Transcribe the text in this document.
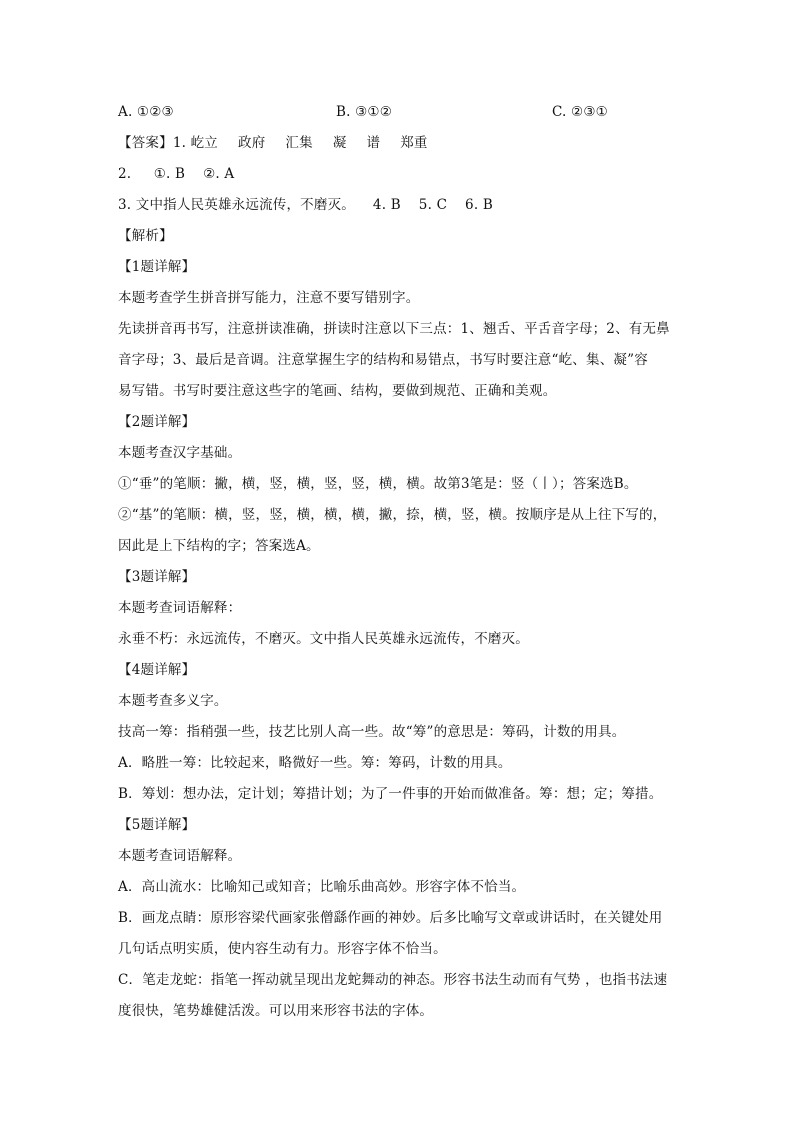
A. ①②③	B. ③①②	C. ②③①
【答案】1. 屹立 政府 汇集 凝 谱 郑重
2.     ①. B    ②. A
3. 文中指人民英雄永远流传，不磨灭。    4. B    5. C    6. B
【解析】
【1题详解】
本题考查学生拼音拼写能力，注意不要写错别字。
先读拼音再书写，注意拼读准确，拼读时注意以下三点：1、翘舌、平舌音字母；2、有无鼻
音字母；3、最后是音调。注意掌握生字的结构和易错点，书写时要注意“屹、集、凝”容
易写错。书写时要注意这些字的笔画、结构，要做到规范、正确和美观。
【2题详解】
本题考查汉字基础。
①“垂”的笔顺：撇，横，竖，横，竖，竖，横，横。故第3笔是：竖（丨）；答案选B。
②“基”的笔顺：横，竖，竖，横，横，横，撇，捺，横，竖，横。按顺序是从上往下写的，
因此是上下结构的字；答案选A。
【3题详解】
本题考查词语解释：
永垂不朽：永远流传，不磨灭。文中指人民英雄永远流传，不磨灭。
【4题详解】
本题考查多义字。
技高一筹：指稍强一些，技艺比别人高一些。故“筹”的意思是：筹码，计数的用具。
A．略胜一筹：比较起来，略微好一些。筹：筹码，计数的用具。
B．筹划：想办法，定计划；筹措计划；为了一件事的开始而做准备。筹：想；定；筹措。
【5题详解】
本题考查词语解释。
A．高山流水：比喻知己或知音；比喻乐曲高妙。形容字体不恰当。
B．画龙点睛：原形容梁代画家张僧繇作画的神妙。后多比喻写文章或讲话时，在关键处用
几句话点明实质，使内容生动有力。形容字体不恰当。
C．笔走龙蛇：指笔一挥动就呈现出龙蛇舞动的神态。形容书法生动而有气势 ，也指书法速
度很快，笔势雄健活泼。可以用来形容书法的字体。
